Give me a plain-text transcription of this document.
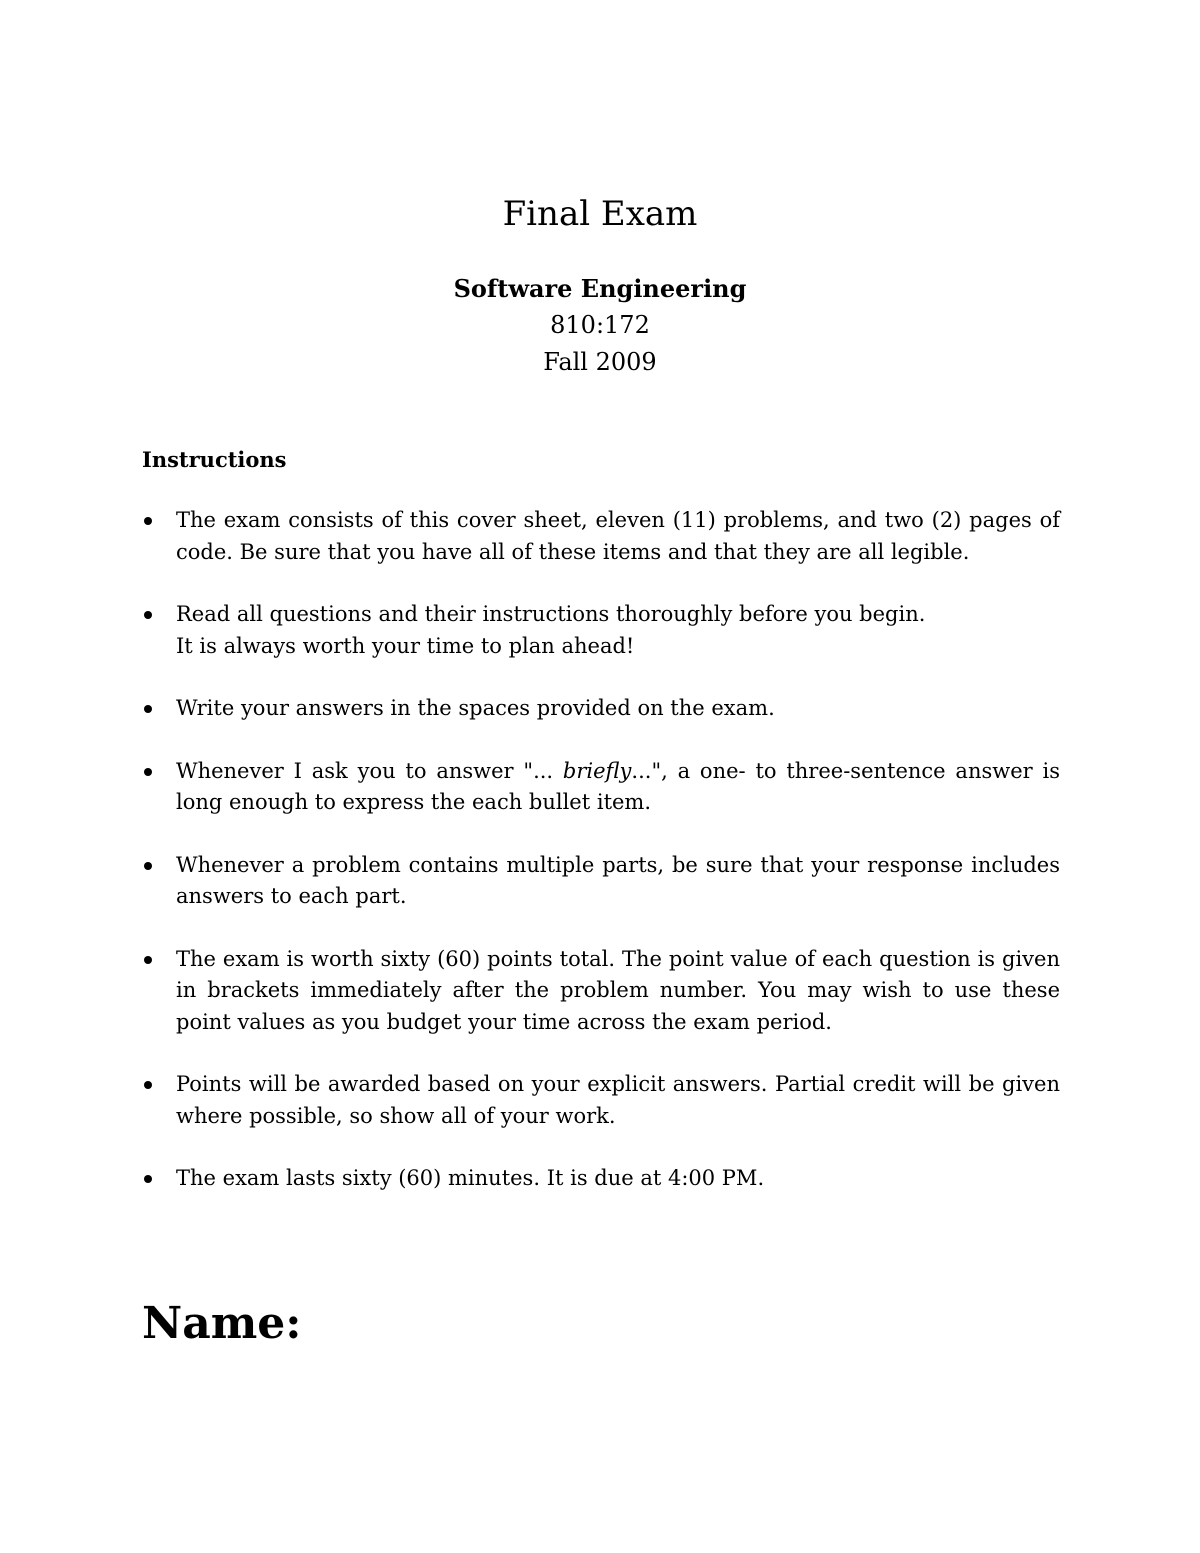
Final Exam
Software Engineering
810:172
Fall 2009
Instructions
The exam consists of this cover sheet, eleven (11) problems, and two (2) pages of code. Be sure that you have all of these items and that they are all legible.
Read all questions and their instructions thoroughly before you begin.
It is always worth your time to plan ahead!
Write your answers in the spaces provided on the exam.
Whenever I ask you to answer "... briefly...", a one- to three-sentence answer is long enough to express the each bullet item.
Whenever a problem contains multiple parts, be sure that your response includes answers to each part.
The exam is worth sixty (60) points total. The point value of each question is given in brackets immediately after the problem number. You may wish to use these point values as you budget your time across the exam period.
Points will be awarded based on your explicit answers. Partial credit will be given where possible, so show all of your work.
The exam lasts sixty (60) minutes. It is due at 4:00 PM.
Name:
